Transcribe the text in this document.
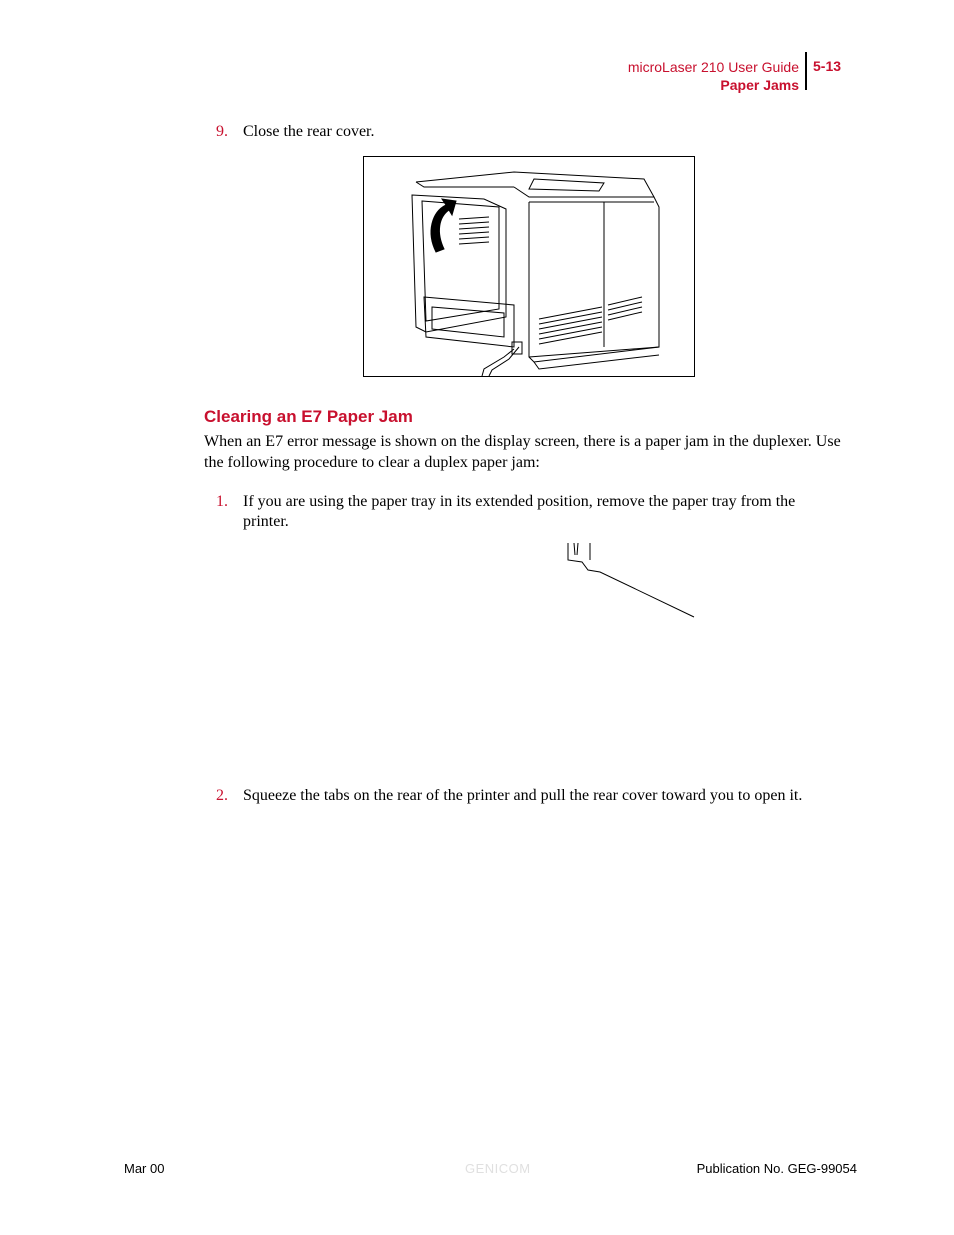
microLaser 210 User Guide
Paper Jams
5-13
9. Close the rear cover.
Clearing an E7 Paper Jam
When an E7 error message is shown on the display screen, there is a paper jam in the duplexer. Use the following procedure to clear a duplex paper jam:
1. If you are using the paper tray in its extended position, remove the paper tray from the printer.
2. Squeeze the tabs on the rear of the printer and pull the rear cover toward you to open it.
Mar 00	GENICOM	Publication No. GEG-99054
